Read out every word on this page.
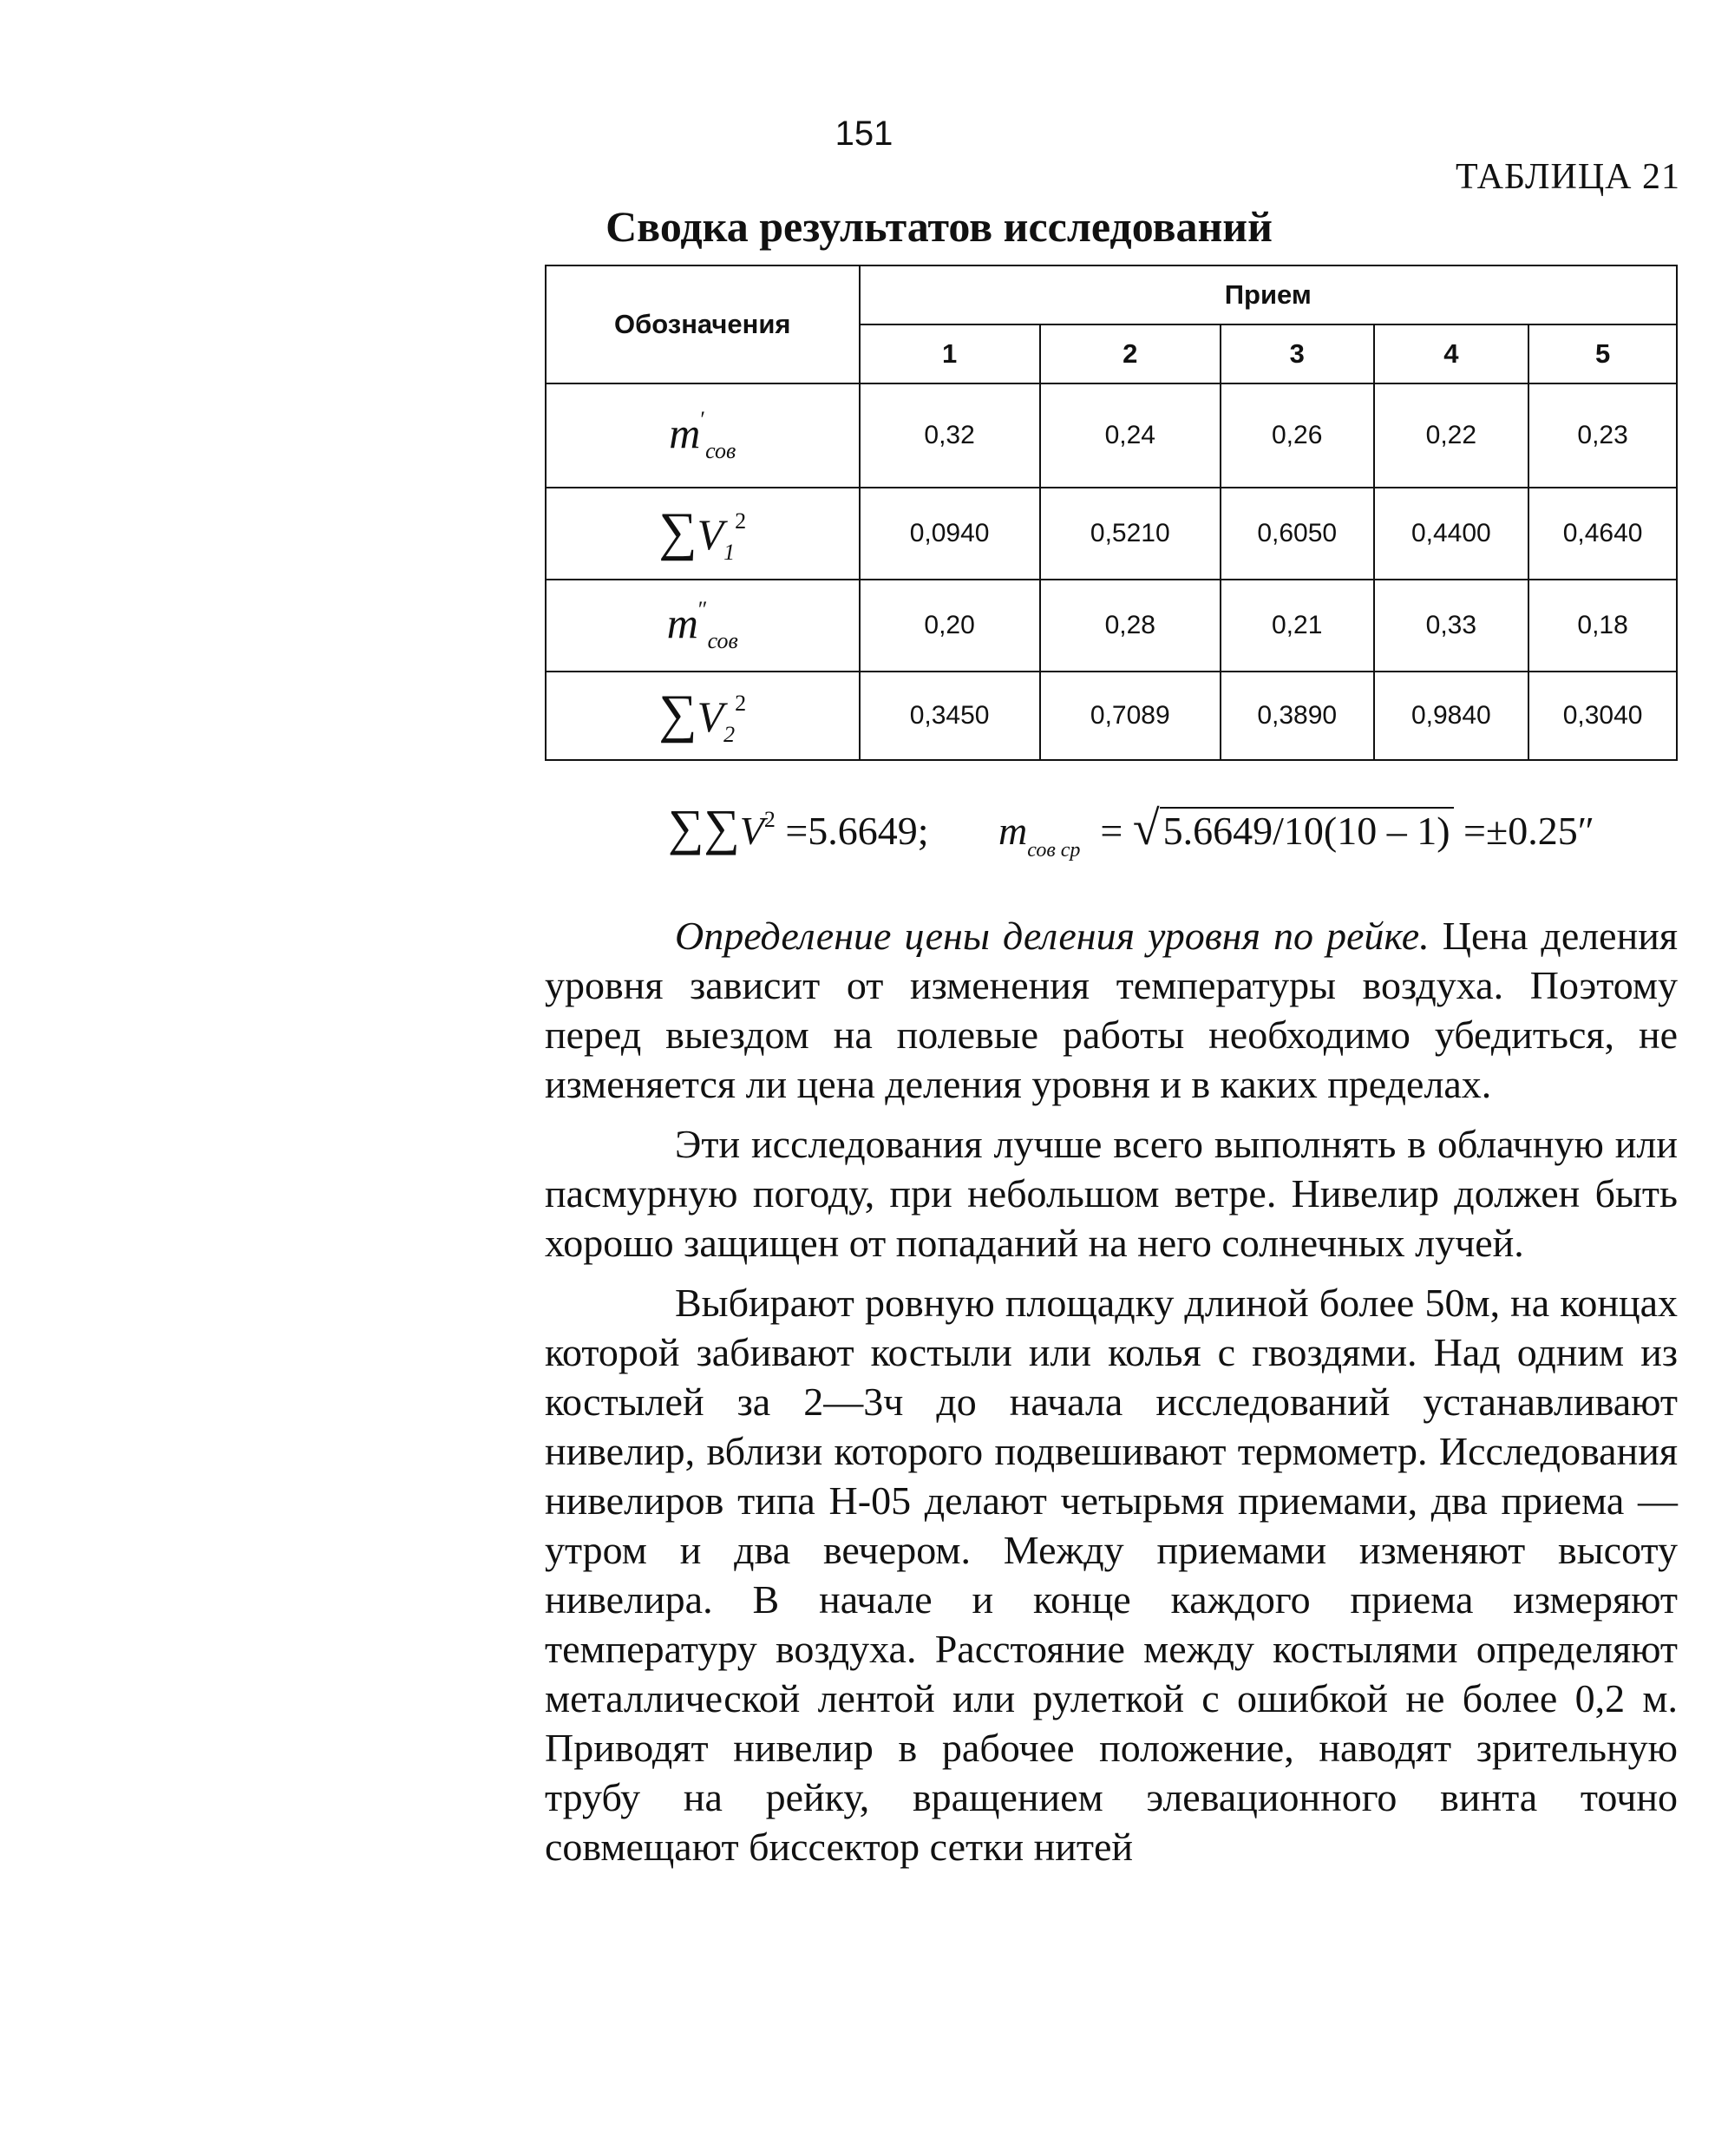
151
ТАБЛИЦА 21
Сводка результатов исследований
Обозначения	Прием				
	1	2	3	4	5
$m'_{сов}$	0,32	0,24	0,26	0,22	0,23
$\sum V_1^2$	0,0940	0,5210	0,6050	0,4400	0,4640
$m''_{сов}$	0,20	0,28	0,21	0,33	0,18
$\sum V_2^2$	0,3450	0,7089	0,3890	0,9840	0,3040
$\sum\sum V^2 =5.6649$; $m_{сов ср} = √5.6649/10(10 - 1) =\pm 0.25''$

Определение цены деления уровня по рейке. Цена деления уровня зависит от изменения температуры воздуха. Поэтому перед выездом на полевые работы необходимо убедиться, не изменяется ли цена деления уровня и в каких пределах.

Эти исследования лучше всего выполнять в облачную или пасмурную погоду, при небольшом ветре. Нивелир должен быть хорошо защищен от попаданий на него солнечных лучей.

Выбирают ровную площадку длиной более 50м, на концах которой забивают костыли или колья с гвоздями. Над одним из костылей за 2—3ч до начала исследований устанавливают нивелир, вблизи которого подвешивают термометр. Исследования нивелиров типа Н-05 делают четырьмя приемами, два приема — утром и два вечером. Между приемами изменяют высоту нивелира. В начале и конце каждого приема измеряют температуру воздуха. Расстояние между костылями определяют металлической лентой или рулеткой с ошибкой не более 0,2 м. Приводят нивелир в рабочее положение, наводят зрительную трубу на рейку, вращением элевационного винта точно совмещают биссектор сетки нитей
